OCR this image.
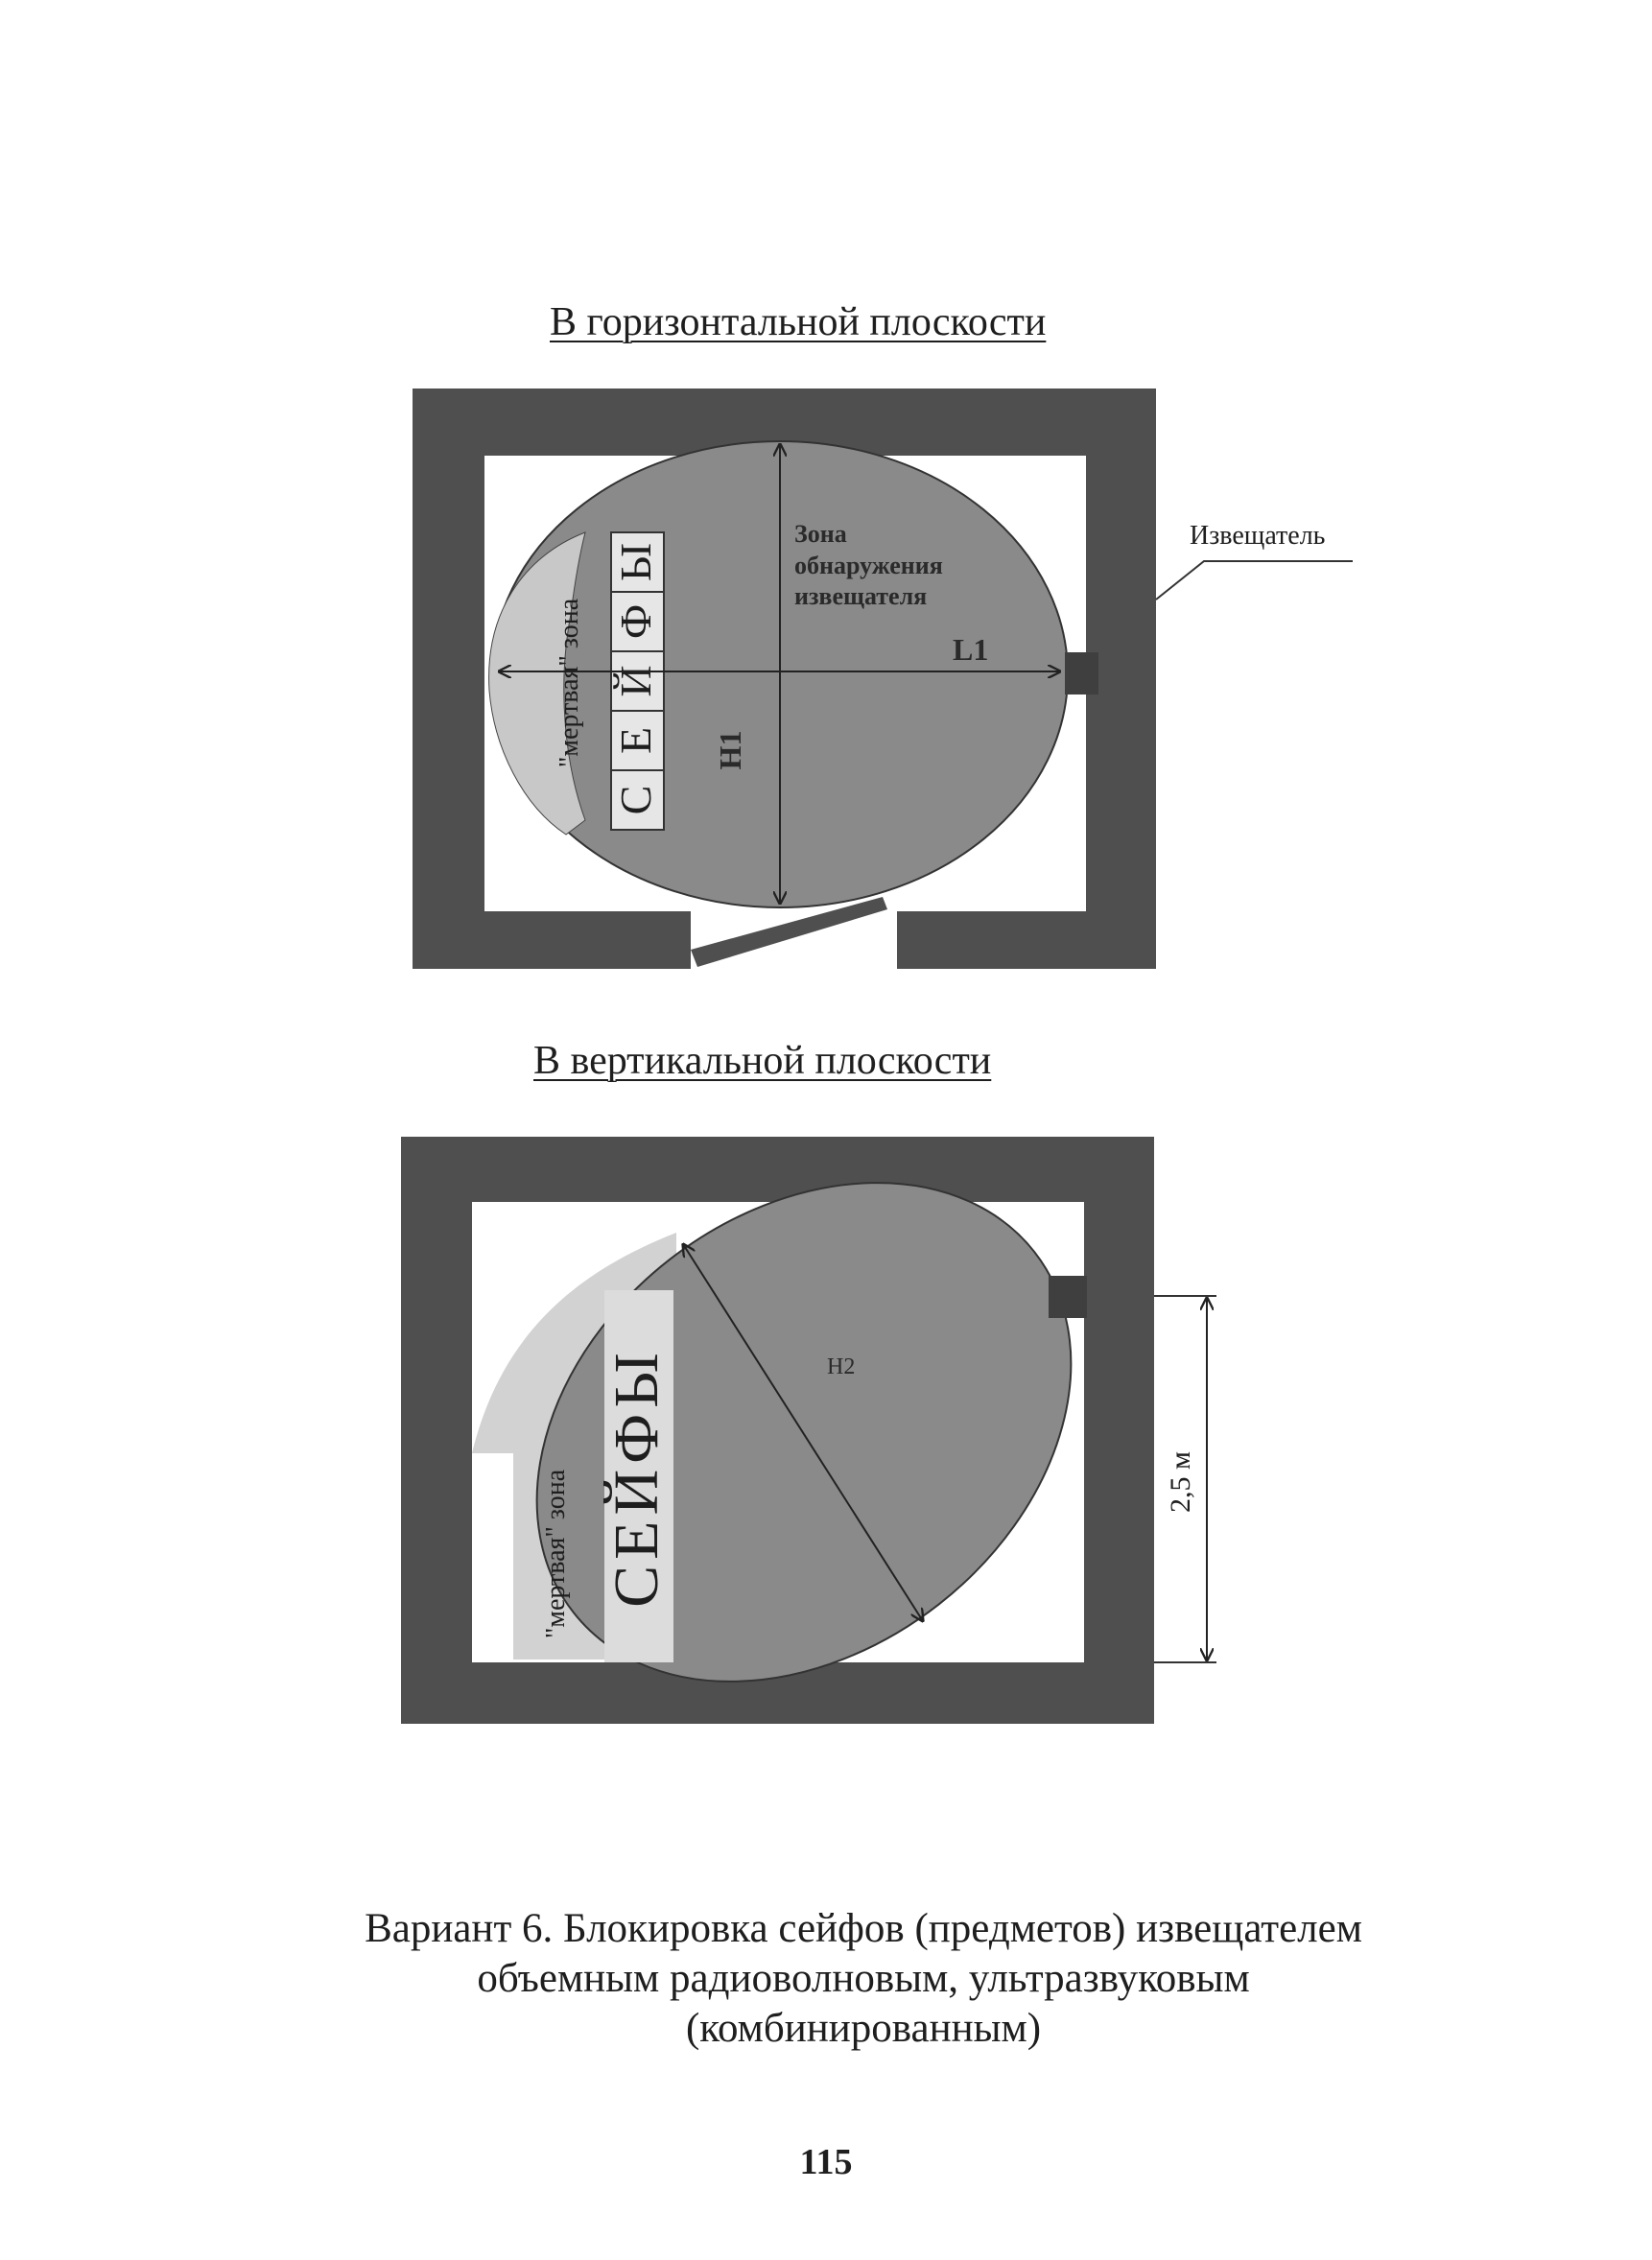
В горизонтальной плоскости
В вертикальной плоскости
С
Е
Й
Ф
Ы
"мертвая" зона
Зона
обнаружения
извещателя
L1
H1
Извещатель
СЕЙФЫ
"мертвая" зона
H2
2,5 м
Вариант 6. Блокировка сейфов (предметов) извещателем
объемным радиоволновым, ультразвуковым
(комбинированным)
115
